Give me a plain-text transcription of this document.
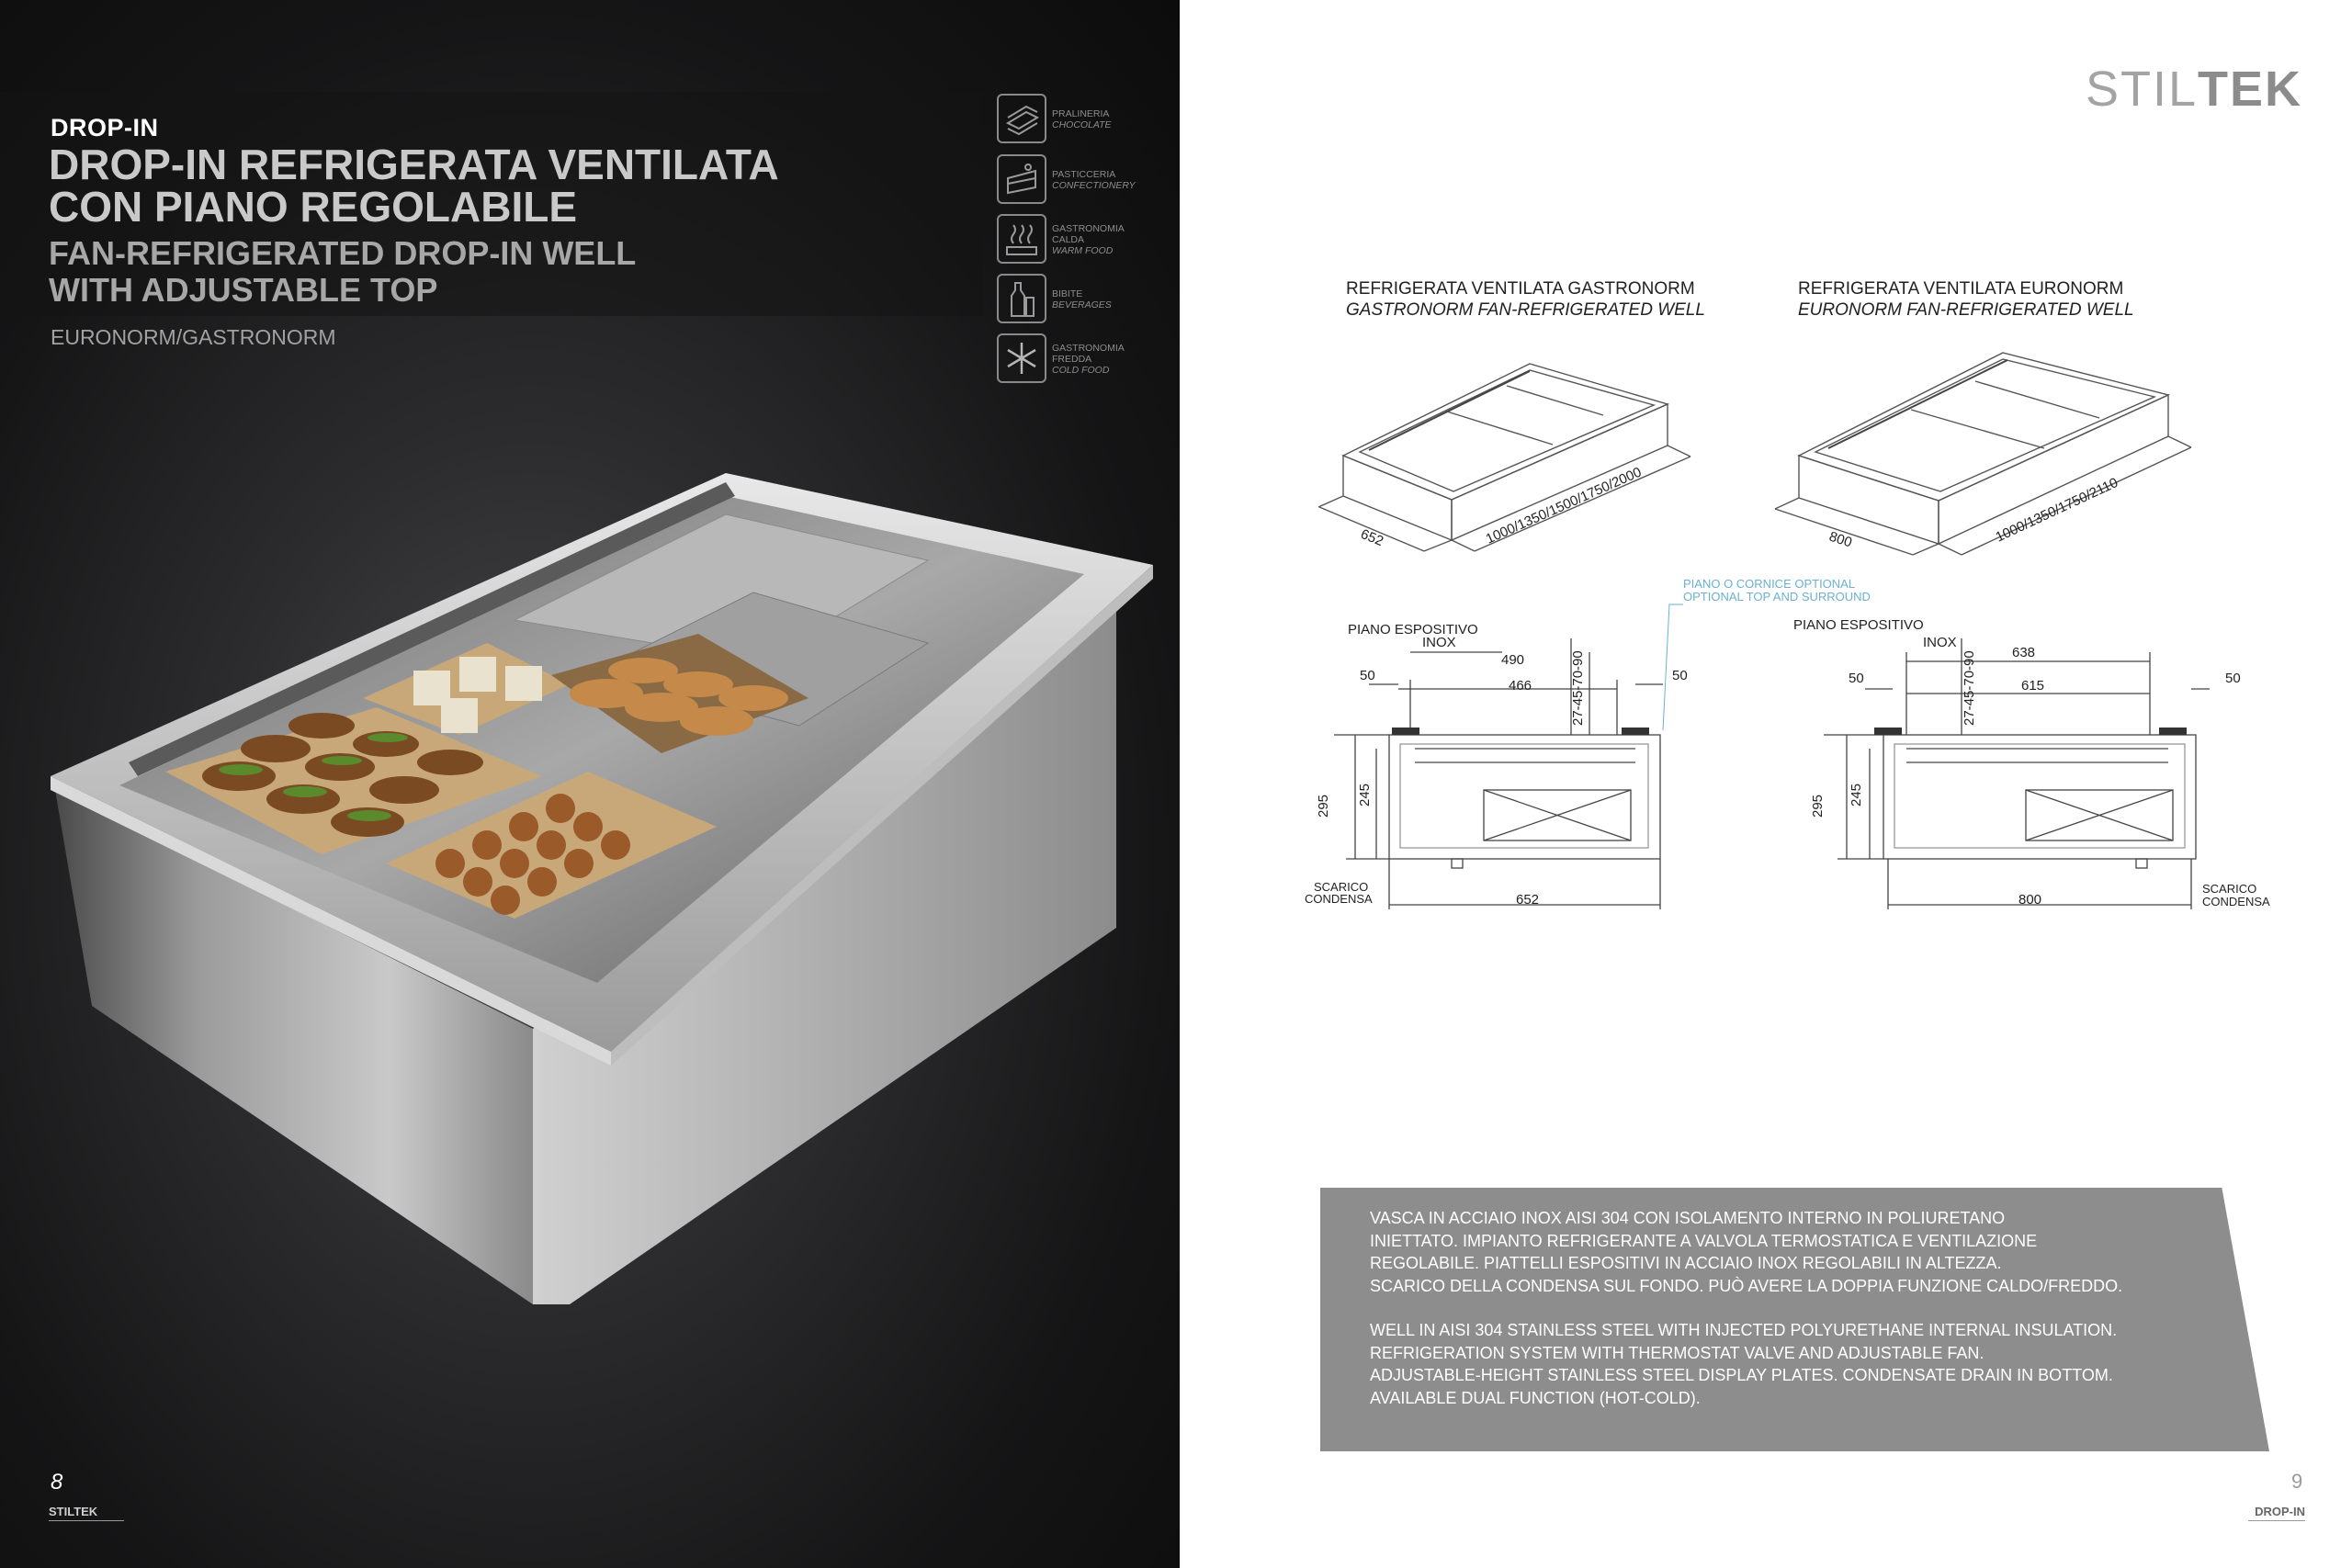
DROP-IN
DROP-IN REFRIGERATA VENTILATA
CON PIANO REGOLABILE
FAN-REFRIGERATED DROP-IN WELL
WITH ADJUSTABLE TOP
EURONORM/GASTRONORM
PRALINERIA
CHOCOLATE
PASTICCERIA
CONFECTIONERY
GASTRONOMIA
CALDA
WARM FOOD
BIBITE
BEVERAGES
GASTRONOMIA
FREDDA
COLD FOOD
8
STILTEK
STILTEK
REFRIGERATA VENTILATA GASTRONORM
GASTRONORM FAN-REFRIGERATED WELL
REFRIGERATA VENTILATA EURONORM
EURONORM FAN-REFRIGERATED WELL
652	1000/1350/1500/1750/2000	800	1000/1350/1750/2110
PIANO O CORNICE OPTIONAL
OPTIONAL TOP AND SURROUND
PIANO ESPOSITIVO
INOX
490
466
50	50
27-45-70-90
295 245
652
SCARICO
CONDENSA
PIANO ESPOSITIVO
INOX
638
615
50	50
27-45-70-90
295 245
800
SCARICO
CONDENSA

VASCA IN ACCIAIO INOX AISI 304 CON ISOLAMENTO INTERNO IN POLIURETANO
INIETTATO. IMPIANTO REFRIGERANTE A VALVOLA TERMOSTATICA E VENTILAZIONE
REGOLABILE. PIATTELLI ESPOSITIVI IN ACCIAIO INOX REGOLABILI IN ALTEZZA.
SCARICO DELLA CONDENSA SUL FONDO. PUÒ AVERE LA DOPPIA FUNZIONE CALDO/FREDDO.

WELL IN AISI 304 STAINLESS STEEL WITH INJECTED POLYURETHANE INTERNAL INSULATION.
REFRIGERATION SYSTEM WITH THERMOSTAT VALVE AND ADJUSTABLE FAN.
ADJUSTABLE-HEIGHT STAINLESS STEEL DISPLAY PLATES. CONDENSATE DRAIN IN BOTTOM.
AVAILABLE DUAL FUNCTION (HOT-COLD).

9
DROP-IN
